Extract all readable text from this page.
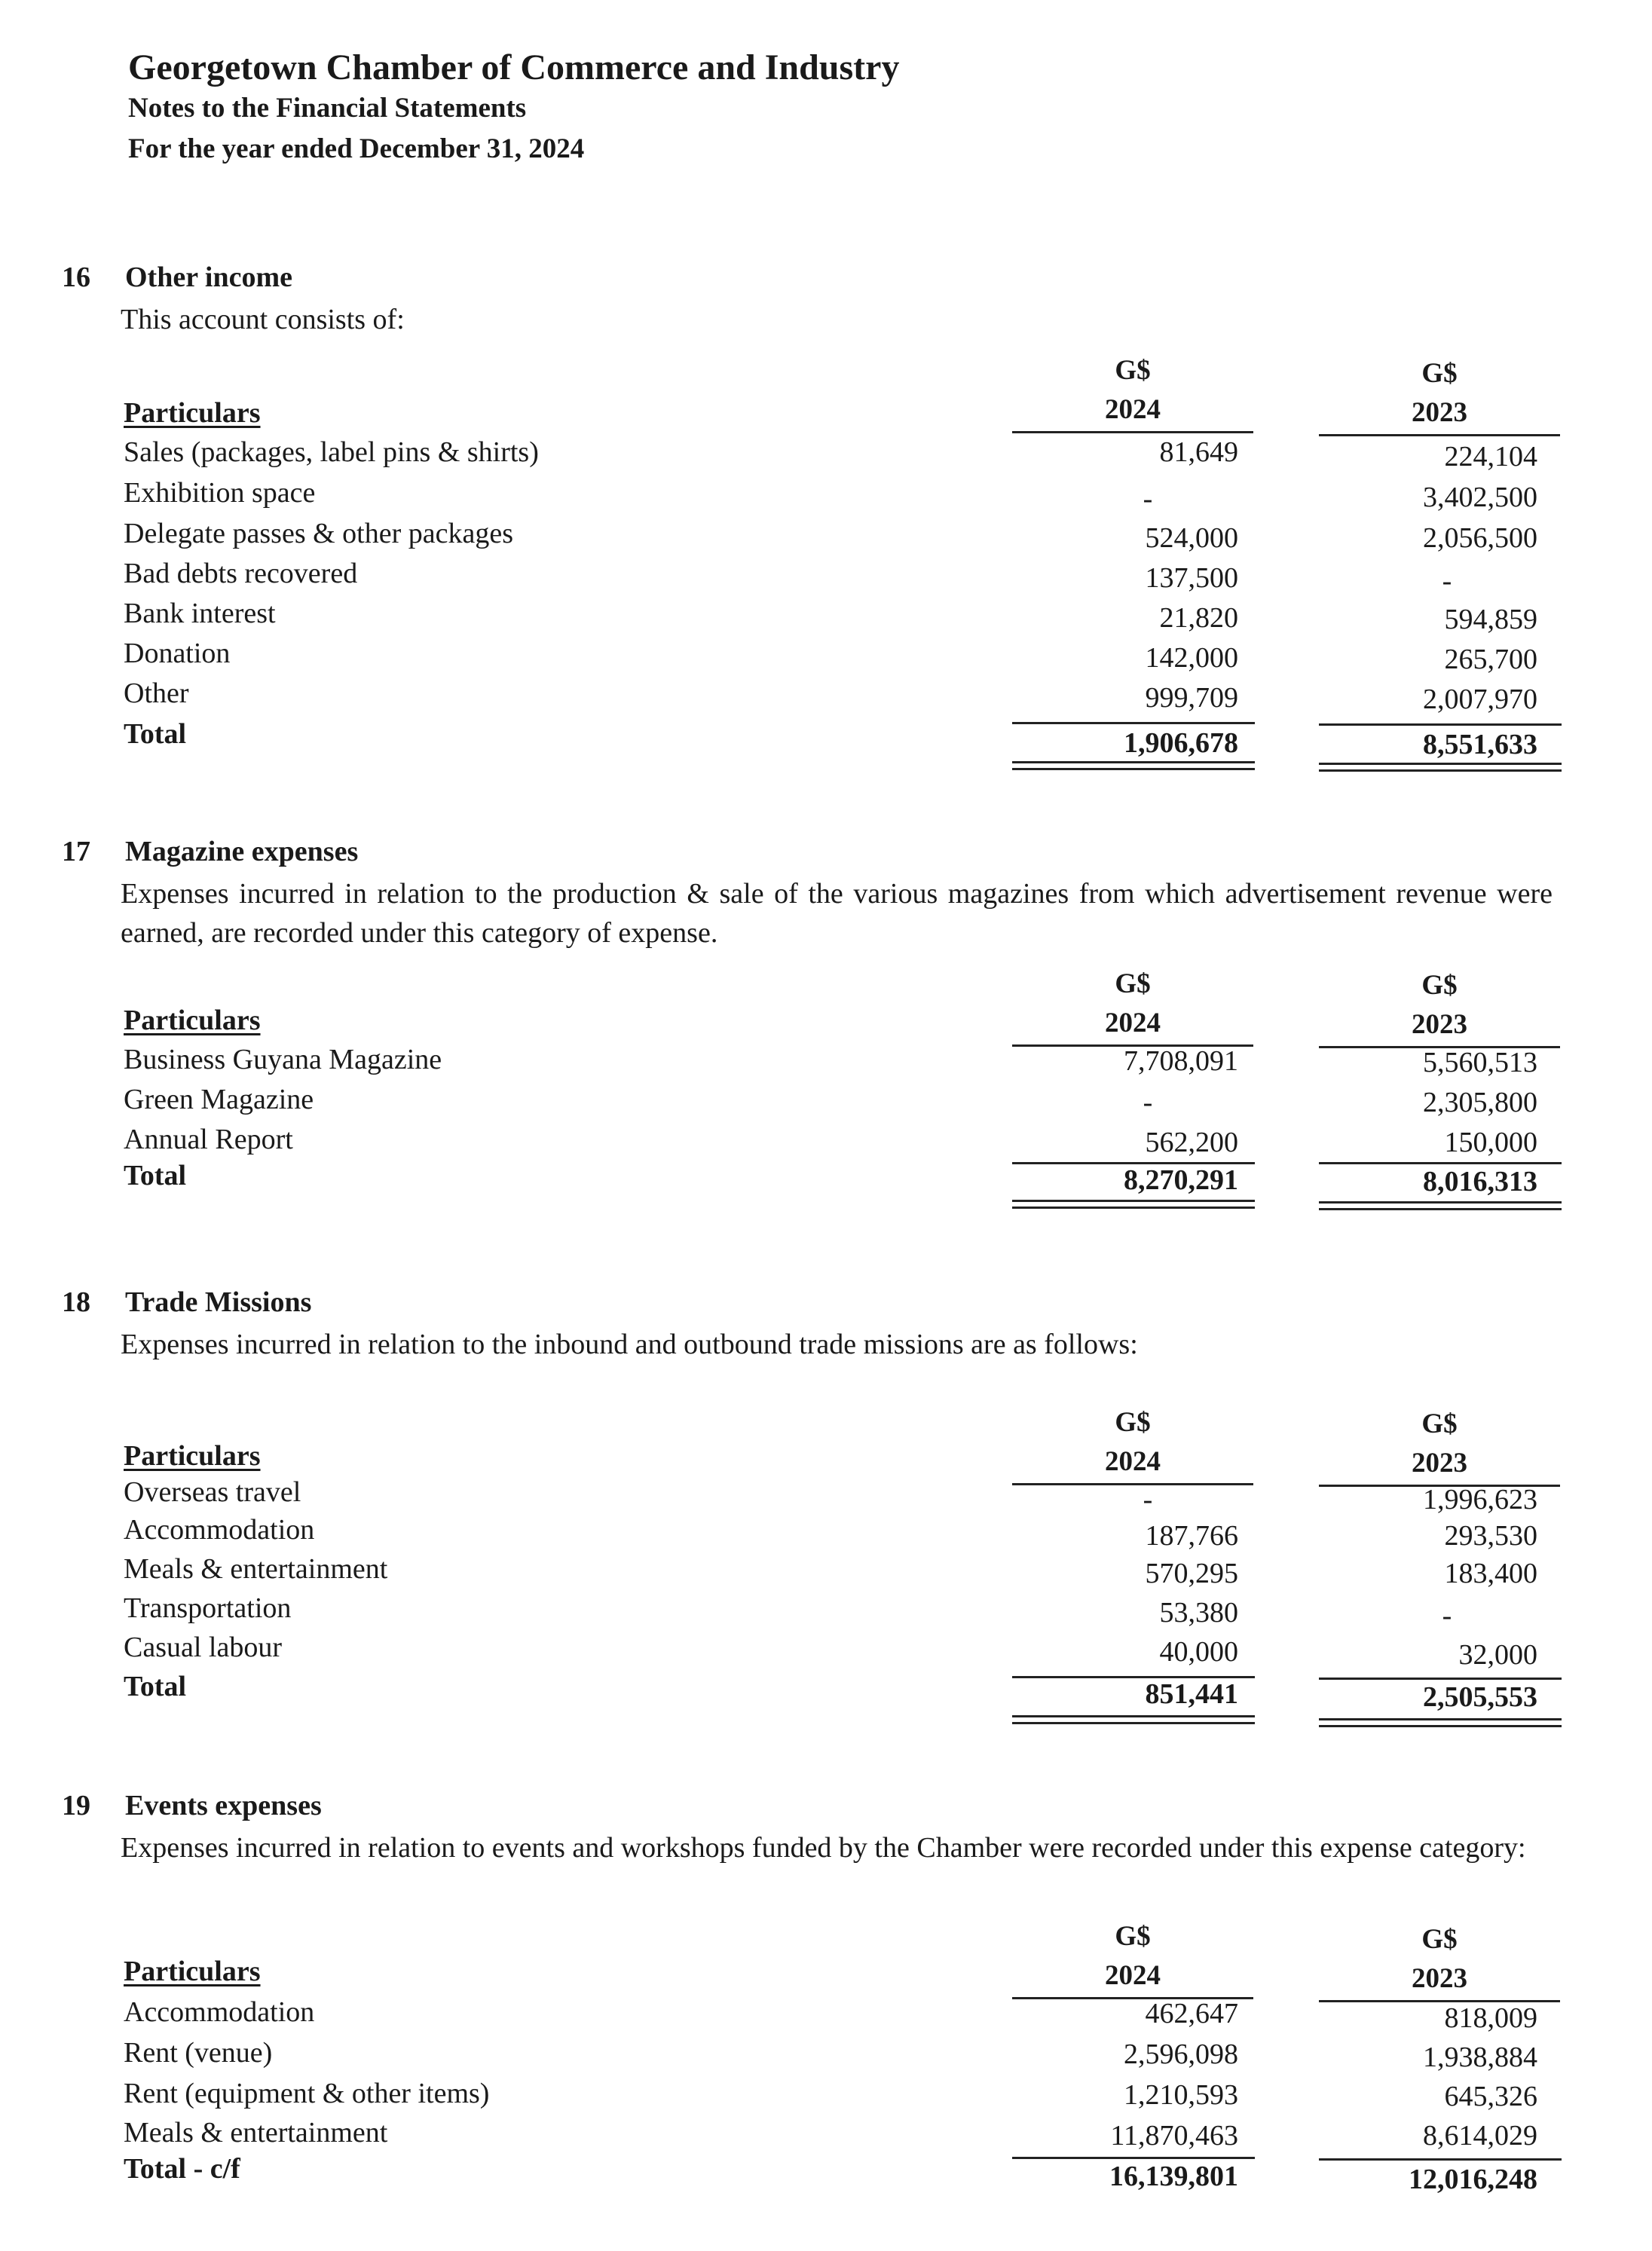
Georgetown Chamber of Commerce and Industry
Notes to the Financial Statements
For the year ended December 31, 2024
16 Other income
This account consists of:
G$
2024
G$
2023
Particulars
Sales (packages, label pins & shirts)	81,649	224,104
Exhibition space	-	3,402,500
Delegate passes & other packages	524,000	2,056,500
Bad debts recovered	137,500	-
Bank interest	21,820	594,859
Donation	142,000	265,700
Other	999,709	2,007,970
Total	1,906,678	8,551,633
17 Magazine expenses
Expenses incurred in relation to the production & sale of the various magazines from which advertisement revenue were earned, are recorded under this category of expense.
G$
2024
G$
2023
Particulars
Business Guyana Magazine	7,708,091	5,560,513
Green Magazine	-	2,305,800
Annual Report	562,200	150,000
Total	8,270,291	8,016,313
18 Trade Missions
Expenses incurred in relation to the inbound and outbound trade missions are as follows:
G$
2024
G$
2023
Particulars
Overseas travel	-	1,996,623
Accommodation	187,766	293,530
Meals & entertainment	570,295	183,400
Transportation	53,380	-
Casual labour	40,000	32,000
Total	851,441	2,505,553
19 Events expenses
Expenses incurred in relation to events and workshops funded by the Chamber were recorded under this expense category:
G$
2024
G$
2023
Particulars
Accommodation	462,647	818,009
Rent (venue)	2,596,098	1,938,884
Rent (equipment & other items)	1,210,593	645,326
Meals & entertainment	11,870,463	8,614,029
Total - c/f	16,139,801	12,016,248
